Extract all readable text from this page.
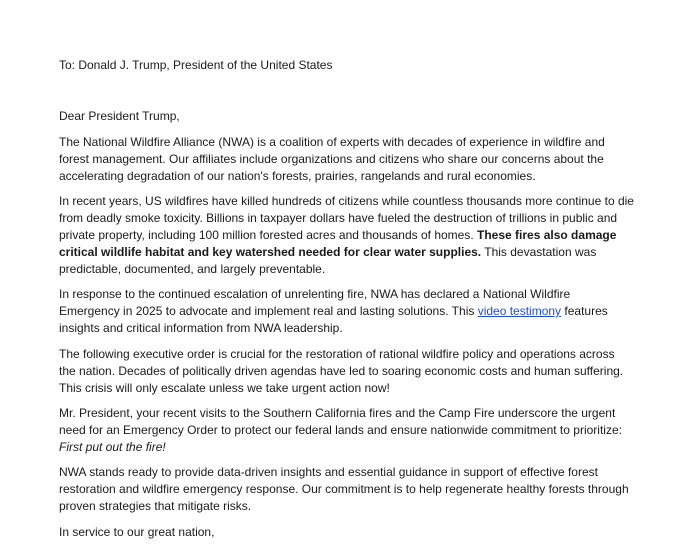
To: Donald J. Trump, President of the United States

Dear President Trump,

The National Wildfire Alliance (NWA) is a coalition of experts with decades of experience in wildfire and forest management. Our affiliates include organizations and citizens who share our concerns about the accelerating degradation of our nation's forests, prairies, rangelands and rural economies.

In recent years, US wildfires have killed hundreds of citizens while countless thousands more continue to die from deadly smoke toxicity. Billions in taxpayer dollars have fueled the destruction of trillions in public and private property, including 100 million forested acres and thousands of homes. These fires also damage critical wildlife habitat and key watershed needed for clear water supplies. This devastation was predictable, documented, and largely preventable.

In response to the continued escalation of unrelenting fire, NWA has declared a National Wildfire Emergency in 2025 to advocate and implement real and lasting solutions. This video testimony features insights and critical information from NWA leadership.

The following executive order is crucial for the restoration of rational wildfire policy and operations across the nation. Decades of politically driven agendas have led to soaring economic costs and human suffering. This crisis will only escalate unless we take urgent action now!

Mr. President, your recent visits to the Southern California fires and the Camp Fire underscore the urgent need for an Emergency Order to protect our federal lands and ensure nationwide commitment to prioritize: First put out the fire!

NWA stands ready to provide data-driven insights and essential guidance in support of effective forest restoration and wildfire emergency response. Our commitment is to help regenerate healthy forests through proven strategies that mitigate risks.

In service to our great nation,
